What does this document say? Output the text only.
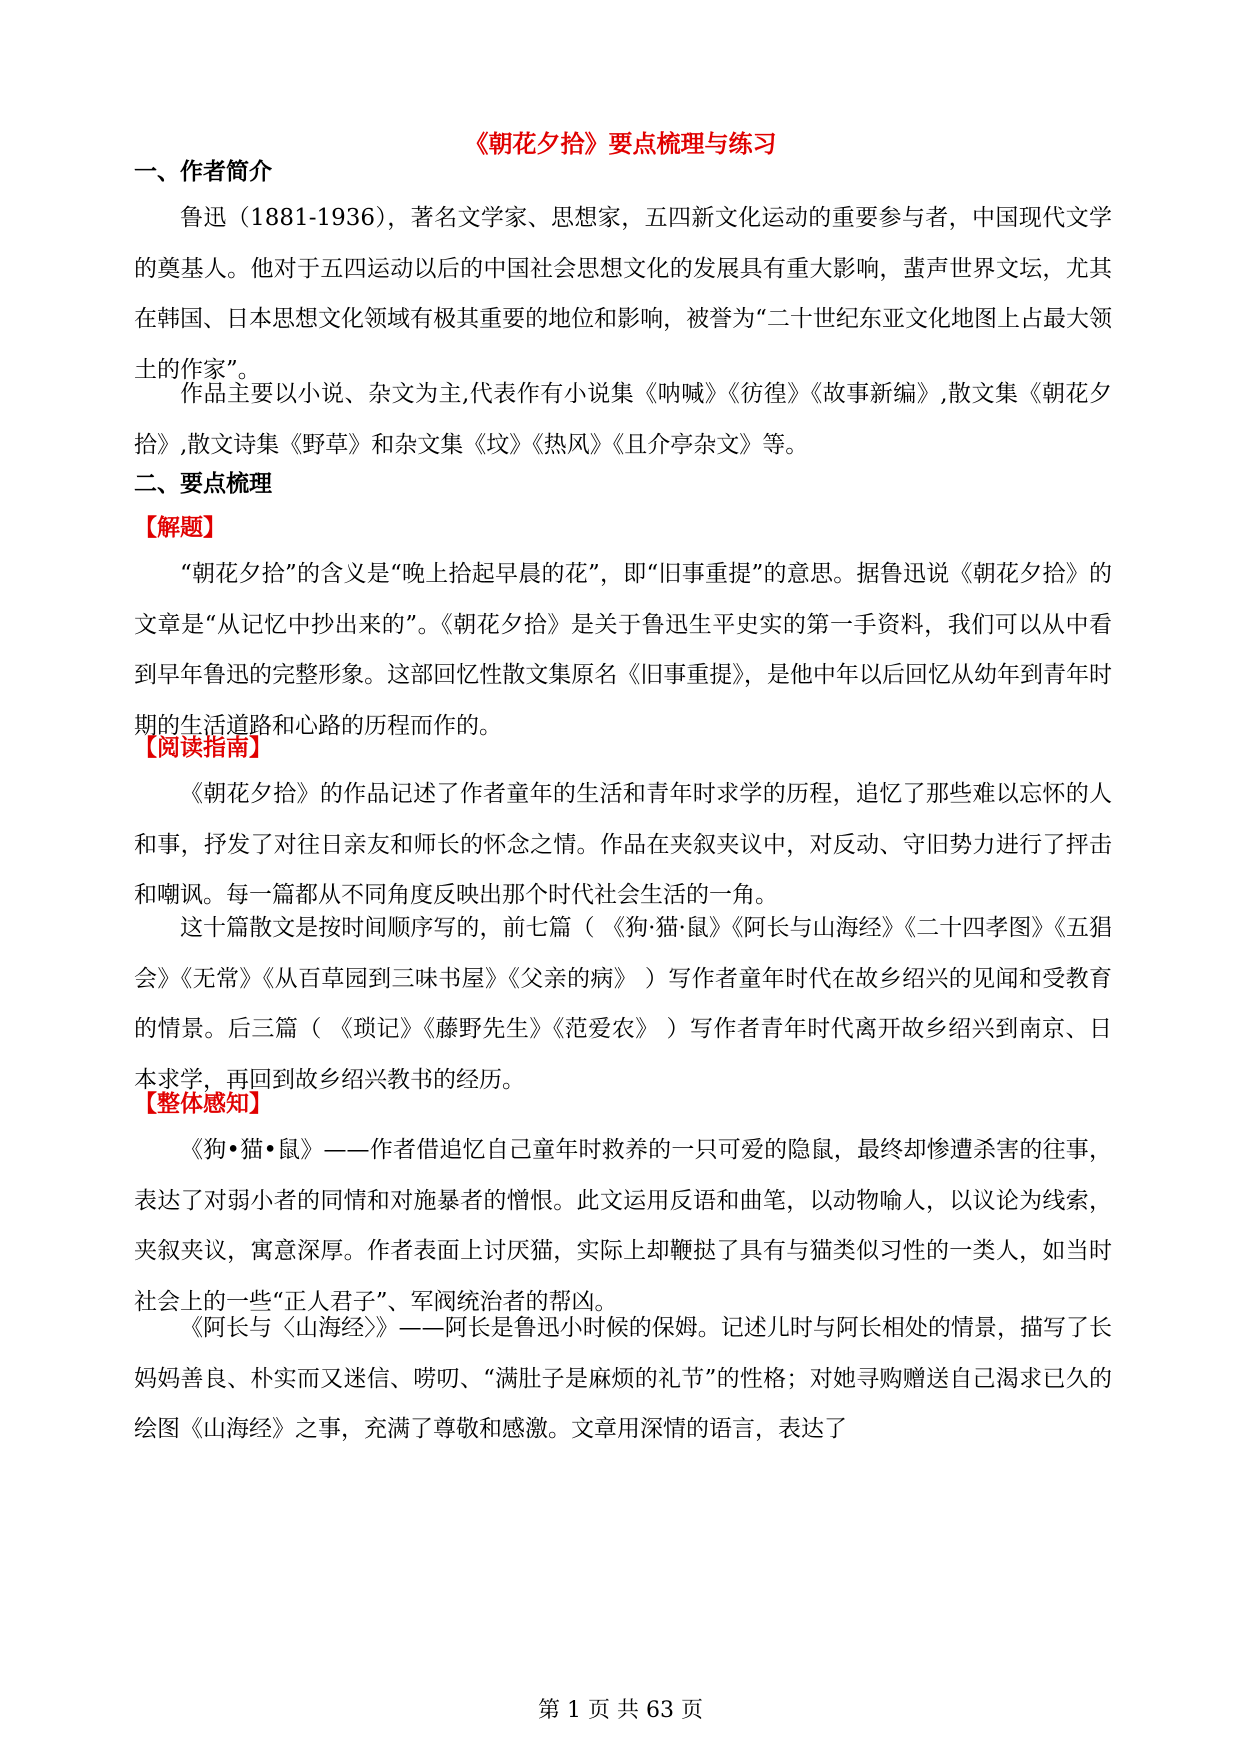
《朝花夕拾》要点梳理与练习
一、作者简介
鲁迅（1881-1936），著名文学家、思想家，五四新文化运动的重要参与者，中国现代文学的奠基人。他对于五四运动以后的中国社会思想文化的发展具有重大影响，蜚声世界文坛，尤其在韩国、日本思想文化领域有极其重要的地位和影响，被誉为“二十世纪东亚文化地图上占最大领土的作家”。
作品主要以小说、杂文为主,代表作有小说集《呐喊》《彷徨》《故事新编》,散文集《朝花夕拾》,散文诗集《野草》和杂文集《坟》《热风》《且介亭杂文》等。
二、要点梳理
【解题】
“朝花夕拾”的含义是“晚上拾起早晨的花”，即“旧事重提”的意思。据鲁迅说《朝花夕拾》的文章是“从记忆中抄出来的”。《朝花夕拾》是关于鲁迅生平史实的第一手资料，我们可以从中看到早年鲁迅的完整形象。这部回忆性散文集原名《旧事重提》，是他中年以后回忆从幼年到青年时期的生活道路和心路的历程而作的。
【阅读指南】
《朝花夕拾》的作品记述了作者童年的生活和青年时求学的历程，追忆了那些难以忘怀的人和事，抒发了对往日亲友和师长的怀念之情。作品在夹叙夹议中，对反动、守旧势力进行了抨击和嘲讽。每一篇都从不同角度反映出那个时代社会生活的一角。
这十篇散文是按时间顺序写的，前七篇（ 《狗·猫·鼠》《阿长与山海经》《二十四孝图》《五猖会》《无常》《从百草园到三味书屋》《父亲的病》 ）写作者童年时代在故乡绍兴的见闻和受教育的情景。后三篇（ 《琐记》《藤野先生》《范爱农》 ）写作者青年时代离开故乡绍兴到南京、日本求学，再回到故乡绍兴教书的经历。
【整体感知】
《狗•猫•鼠》——作者借追忆自己童年时救养的一只可爱的隐鼠，最终却惨遭杀害的往事，表达了对弱小者的同情和对施暴者的憎恨。此文运用反语和曲笔，以动物喻人，以议论为线索，夹叙夹议，寓意深厚。作者表面上讨厌猫，实际上却鞭挞了具有与猫类似习性的一类人，如当时社会上的一些“正人君子”、军阀统治者的帮凶。
《阿长与〈山海经〉》——阿长是鲁迅小时候的保姆。记述儿时与阿长相处的情景，描写了长妈妈善良、朴实而又迷信、唠叨、“满肚子是麻烦的礼节”的性格；对她寻购赠送自己渴求已久的绘图《山海经》之事，充满了尊敬和感激。文章用深情的语言，表达了
第 1 页 共 63 页
